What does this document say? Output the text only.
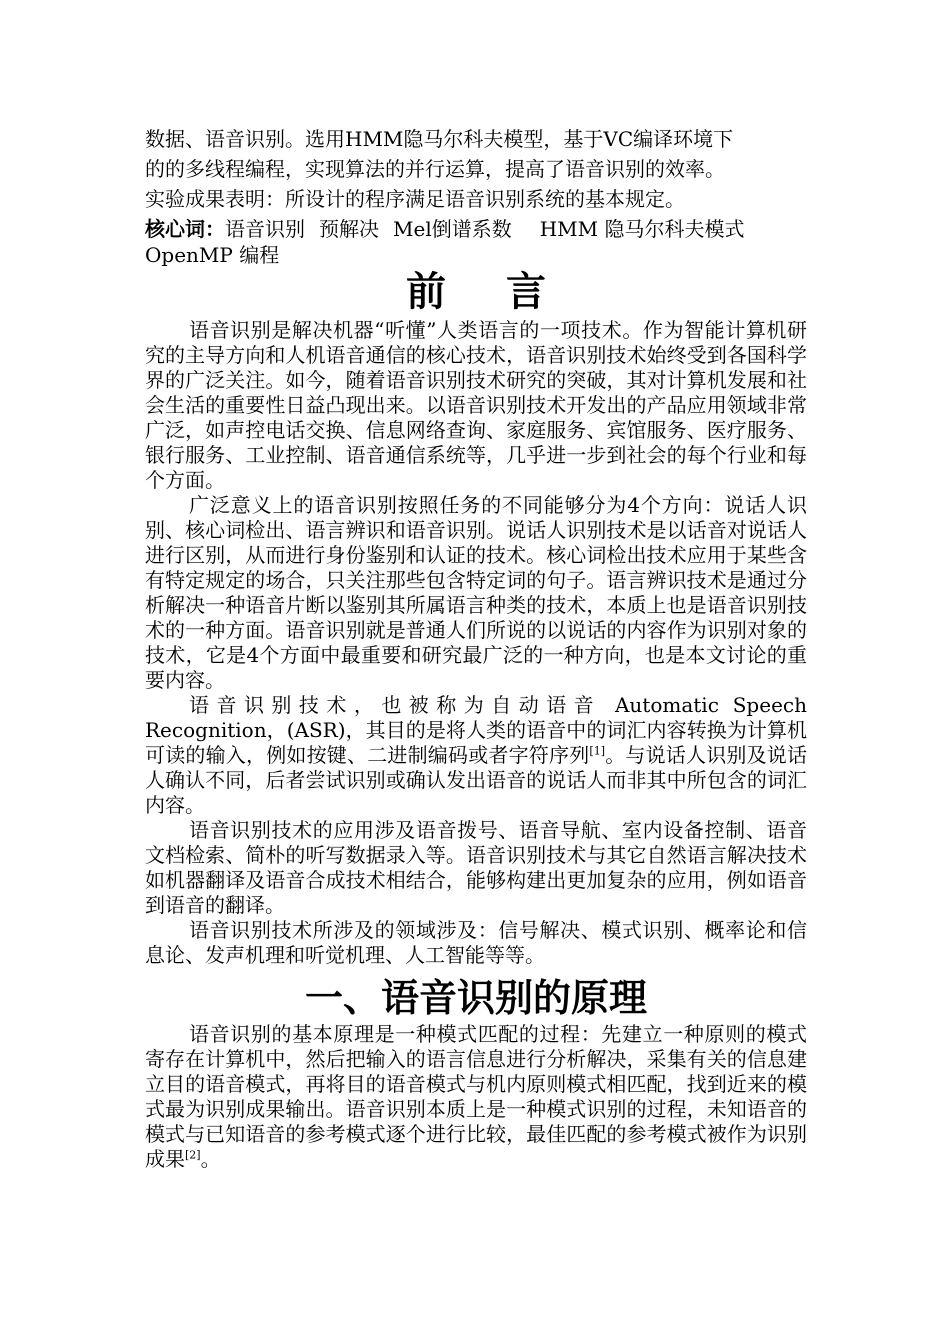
数据、语音识别。选用HMM隐马尔科夫模型，基于VC编译环境下

的的多线程编程，实现算法的并行运算，提高了语音识别的效率。

实验成果表明：所设计的程序满足语音识别系统的基本规定。

核心词：语音识别 预解决 Mel倒谱系数 HMM 隐马尔科夫模式
OpenMP 编程

前言

语音识别是解决机器“听懂”人类语言的一项技术。作为智能计算机研究的主导方向和人机语音通信的核心技术，语音识别技术始终受到各国科学界的广泛关注。如今，随着语音识别技术研究的突破，其对计算机发展和社会生活的重要性日益凸现出来。以语音识别技术开发出的产品应用领域非常广泛，如声控电话交换、信息网络查询、家庭服务、宾馆服务、医疗服务、银行服务、工业控制、语音通信系统等，几乎进一步到社会的每个行业和每个方面。

广泛意义上的语音识别按照任务的不同能够分为4个方向：说话人识别、核心词检出、语言辨识和语音识别。说话人识别技术是以话音对说话人进行区别，从而进行身份鉴别和认证的技术。核心词检出技术应用于某些含有特定规定的场合，只关注那些包含特定词的句子。语言辨识技术是通过分析解决一种语音片断以鉴别其所属语言种类的技术，本质上也是语音识别技术的一种方面。语音识别就是普通人们所说的以说话的内容作为识别对象的技术，它是4个方面中最重要和研究最广泛的一种方向，也是本文讨论的重要内容。

语音识别技术，也被称为自动语音 Automatic Speech Recognition，(ASR)，其目的是将人类的语音中的词汇内容转换为计算机可读的输入，例如按键、二进制编码或者字符序列[1]。与说话人识别及说话人确认不同，后者尝试识别或确认发出语音的说话人而非其中所包含的词汇内容。

语音识别技术的应用涉及语音拨号、语音导航、室内设备控制、语音文档检索、简朴的听写数据录入等。语音识别技术与其它自然语言解决技术如机器翻译及语音合成技术相结合，能够构建出更加复杂的应用，例如语音到语音的翻译。

语音识别技术所涉及的领域涉及：信号解决、模式识别、概率论和信息论、发声机理和听觉机理、人工智能等等。

一、语音识别的原理

语音识别的基本原理是一种模式匹配的过程：先建立一种原则的模式寄存在计算机中，然后把输入的语言信息进行分析解决，采集有关的信息建立目的语音模式，再将目的语音模式与机内原则模式相匹配，找到近来的模式最为识别成果输出。语音识别本质上是一种模式识别的过程，未知语音的模式与已知语音的参考模式逐个进行比较，最佳匹配的参考模式被作为识别成果[2]。
